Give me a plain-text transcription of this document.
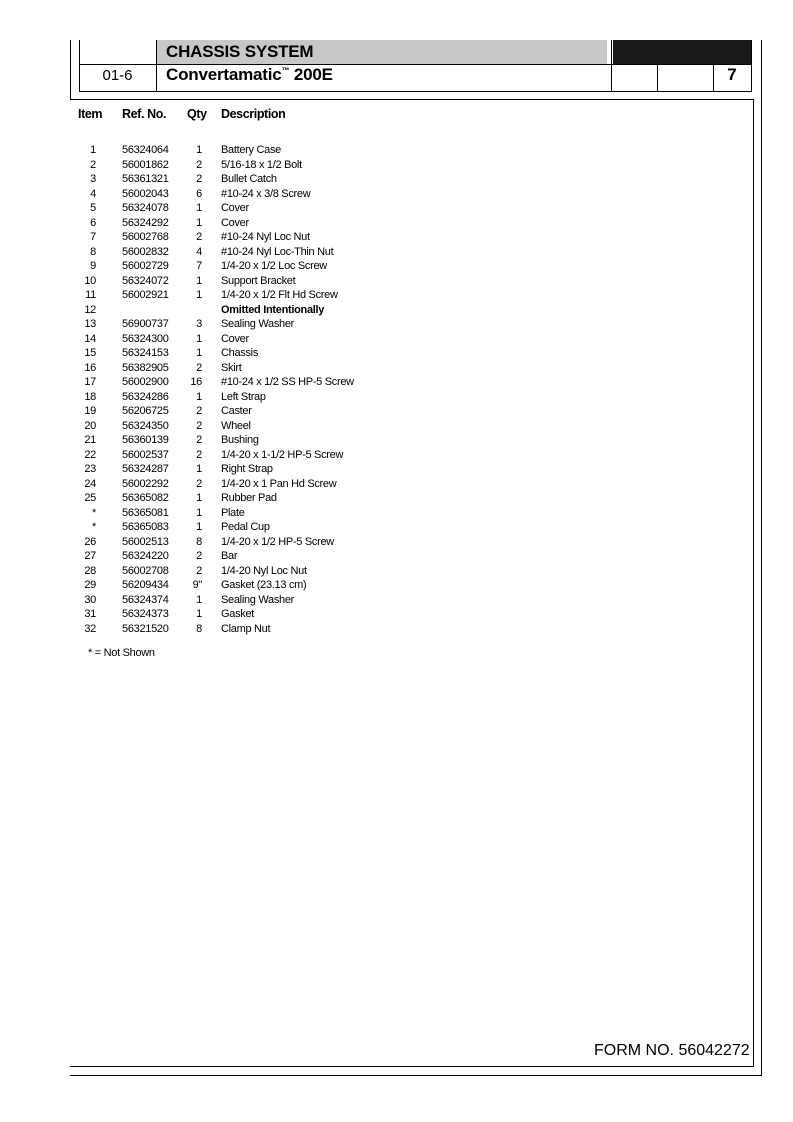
CHASSIS SYSTEM
01-6	Convertamatic™ 200E	7
Item Ref. No. Qty Description
1 56324064	1 Battery Case
2 56001862	2 5/16-18 x 1/2 Bolt
3 56361321	2 Bullet Catch
4 56002043	6 #10-24 x 3/8 Screw
5 56324078	1 Cover
6 56324292	1 Cover
7 56002768	2 #10-24 Nyl Loc Nut
8 56002832	4 #10-24 Nyl Loc-Thin Nut
9 56002729	7 1/4-20 x 1/2 Loc Screw
10 56324072	1 Support Bracket
11 56002921	1 1/4-20 x 1/2 Flt Hd Screw
12	Omitted Intentionally
13 56900737	3 Sealing Washer
14 56324300	1 Cover
15 56324153	1 Chassis
16 56382905	2 Skirt
17 56002900 16 #10-24 x 1/2 SS HP-5 Screw
18 56324286	1 Left Strap
19 56206725	2 Caster
20 56324350	2 Wheel
21 56360139	2 Bushing
22 56002537	2 1/4-20 x 1-1/2 HP-5 Screw
23 56324287	1 Right Strap
24 56002292	2 1/4-20 x 1 Pan Hd Screw
25 56365082	1 Rubber Pad
* 56365081	1 Plate
* 56365083	1 Pedal Cup
26 56002513	8 1/4-20 x 1/2 HP-5 Screw
27 56324220	2 Bar
28 56002708	2 1/4-20 Nyl Loc Nut
29 56209434	9" Gasket (23.13 cm)
30 56324374	1 Sealing Washer
31 56324373	1 Gasket
32 56321520	8 Clamp Nut
* = Not Shown
FORM NO. 56042272
